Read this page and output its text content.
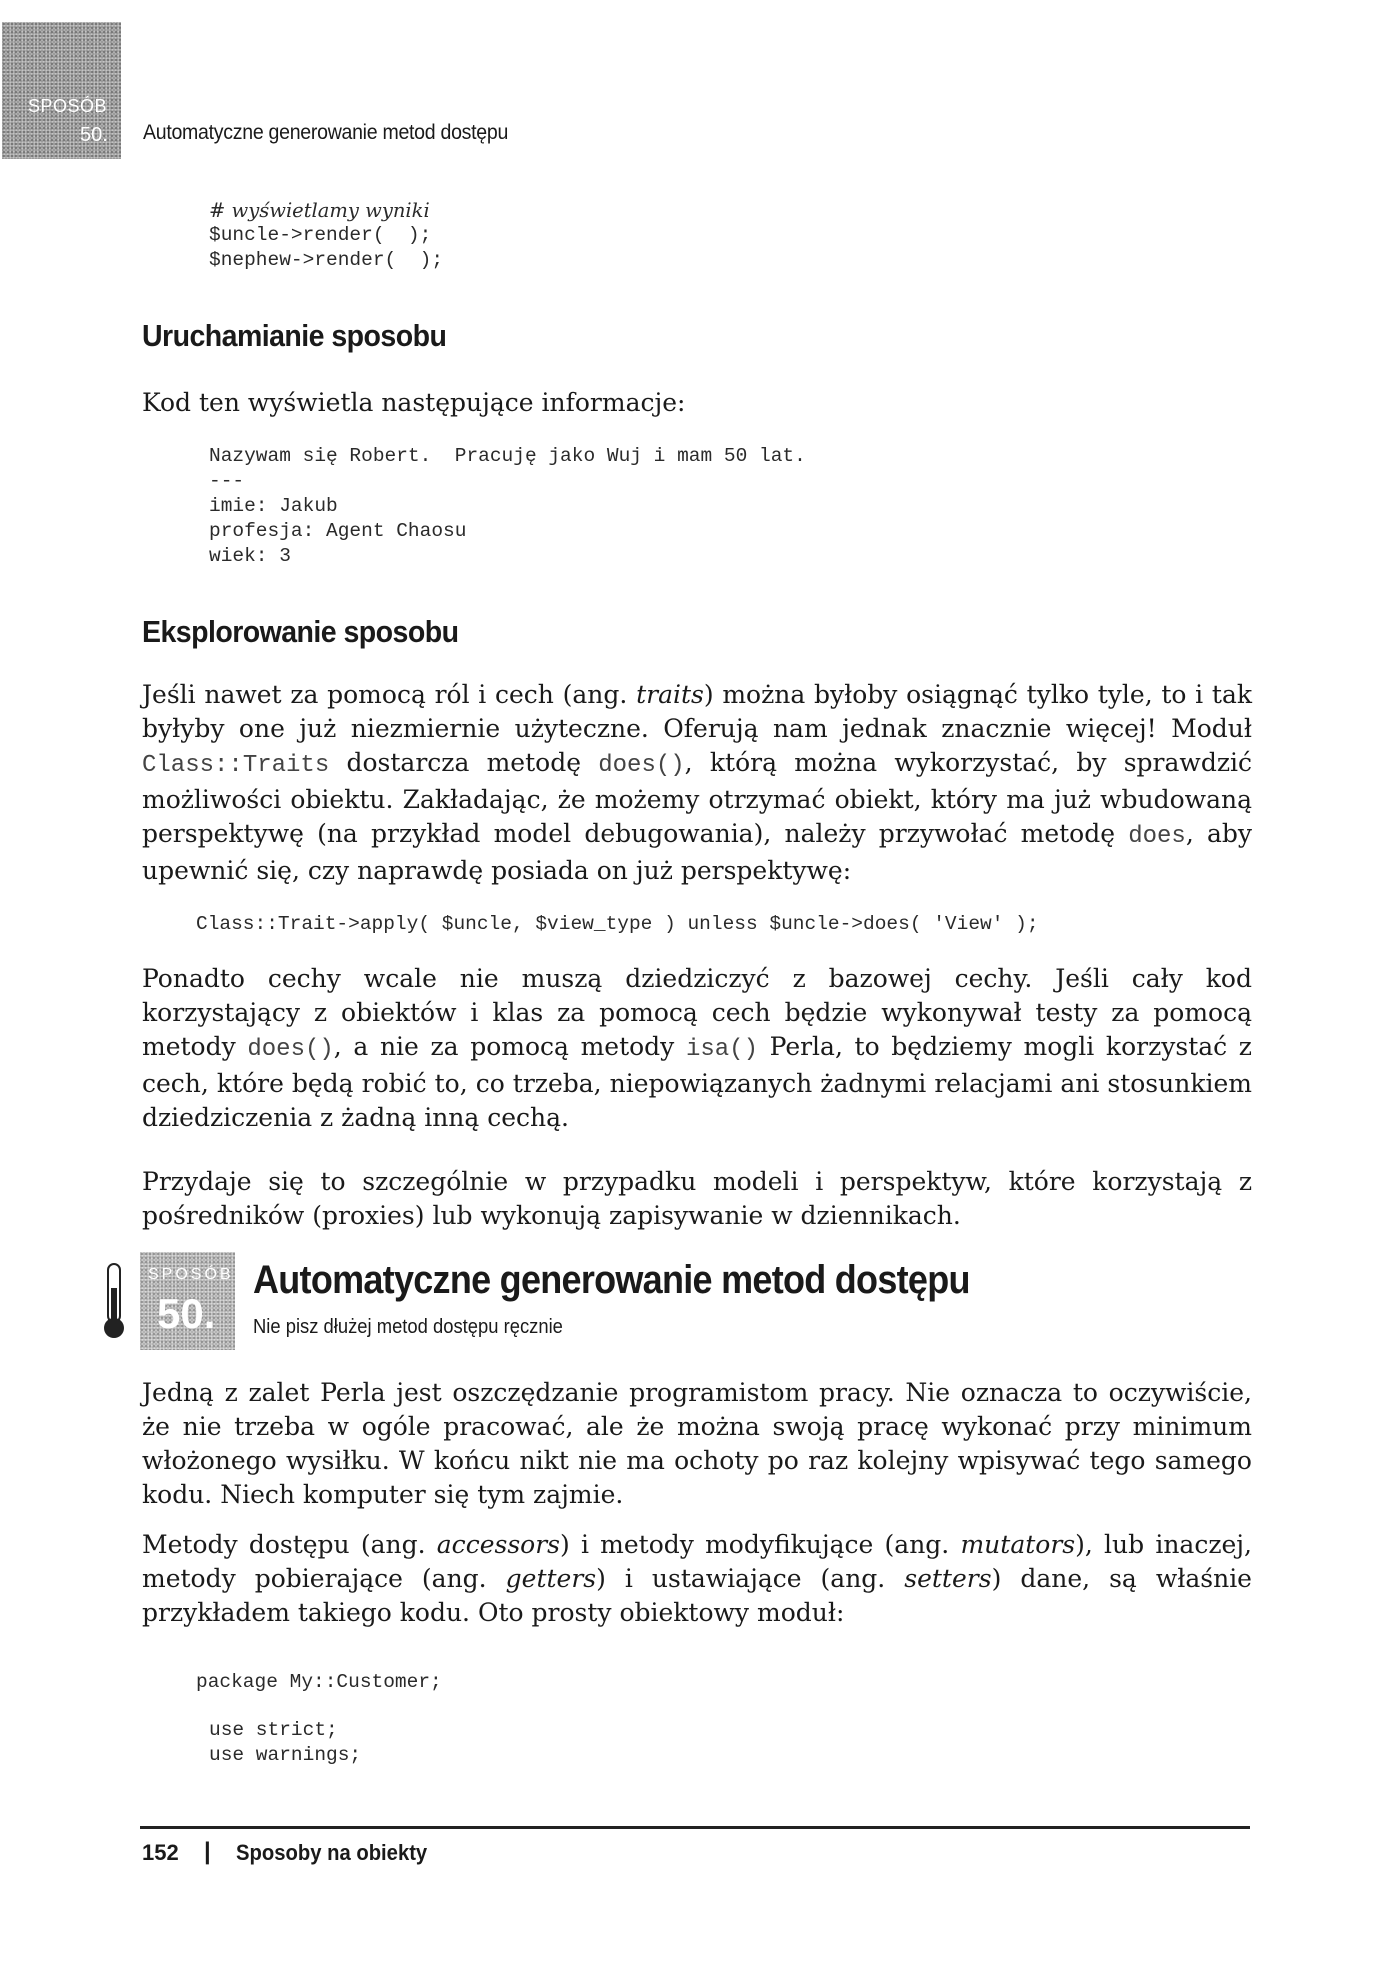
SPOSÓB
50. Automatyczne generowanie metod dostępu
# wyświetlamy wyniki
$uncle->render(  );
$nephew->render(  );
Uruchamianie sposobu
Kod ten wyświetla następujące informacje:
Nazywam się Robert.  Pracuję jako Wuj i mam 50 lat.
---
imie: Jakub
profesja: Agent Chaosu
wiek: 3
Eksplorowanie sposobu
Jeśli nawet za pomocą ról i cech (ang. traits) można byłoby osiągnąć tylko tyle, to i tak byłyby one już niezmiernie użyteczne. Oferują nam jednak znacznie więcej! Moduł Class::Traits dostarcza metodę does(), którą można wykorzystać, by sprawdzić możliwości obiektu. Zakładając, że możemy otrzymać obiekt, który ma już wbudowaną perspektywę (na przykład model debugowania), należy przywołać metodę does, aby upewnić się, czy naprawdę posiada on już perspektywę:
Class::Trait->apply( $uncle, $view_type ) unless $uncle->does( 'View' );
Ponadto cechy wcale nie muszą dziedziczyć z bazowej cechy. Jeśli cały kod korzystający z obiektów i klas za pomocą cech będzie wykonywał testy za pomocą metody does(), a nie za pomocą metody isa() Perla, to będziemy mogli korzystać z cech, które będą robić to, co trzeba, niepowiązanych żadnymi relacjami ani stosunkiem dziedziczenia z żadną inną cechą.
Przydaje się to szczególnie w przypadku modeli i perspektyw, które korzystają z pośredników (proxies) lub wykonują zapisywanie w dziennikach.
SPOSÓB
50.
Automatyczne generowanie metod dostępu
Nie pisz dłużej metod dostępu ręcznie
Jedną z zalet Perla jest oszczędzanie programistom pracy. Nie oznacza to oczywiście, że nie trzeba w ogóle pracować, ale że można swoją pracę wykonać przy minimum włożonego wysiłku. W końcu nikt nie ma ochoty po raz kolejny wpisywać tego samego kodu. Niech komputer się tym zajmie.
Metody dostępu (ang. accessors) i metody modyfikujące (ang. mutators), lub inaczej, metody pobierające (ang. getters) i ustawiające (ang. setters) dane, są właśnie przykładem takiego kodu. Oto prosty obiektowy moduł:
package My::Customer;
use strict;
use warnings;
152 | Sposoby na obiekty
